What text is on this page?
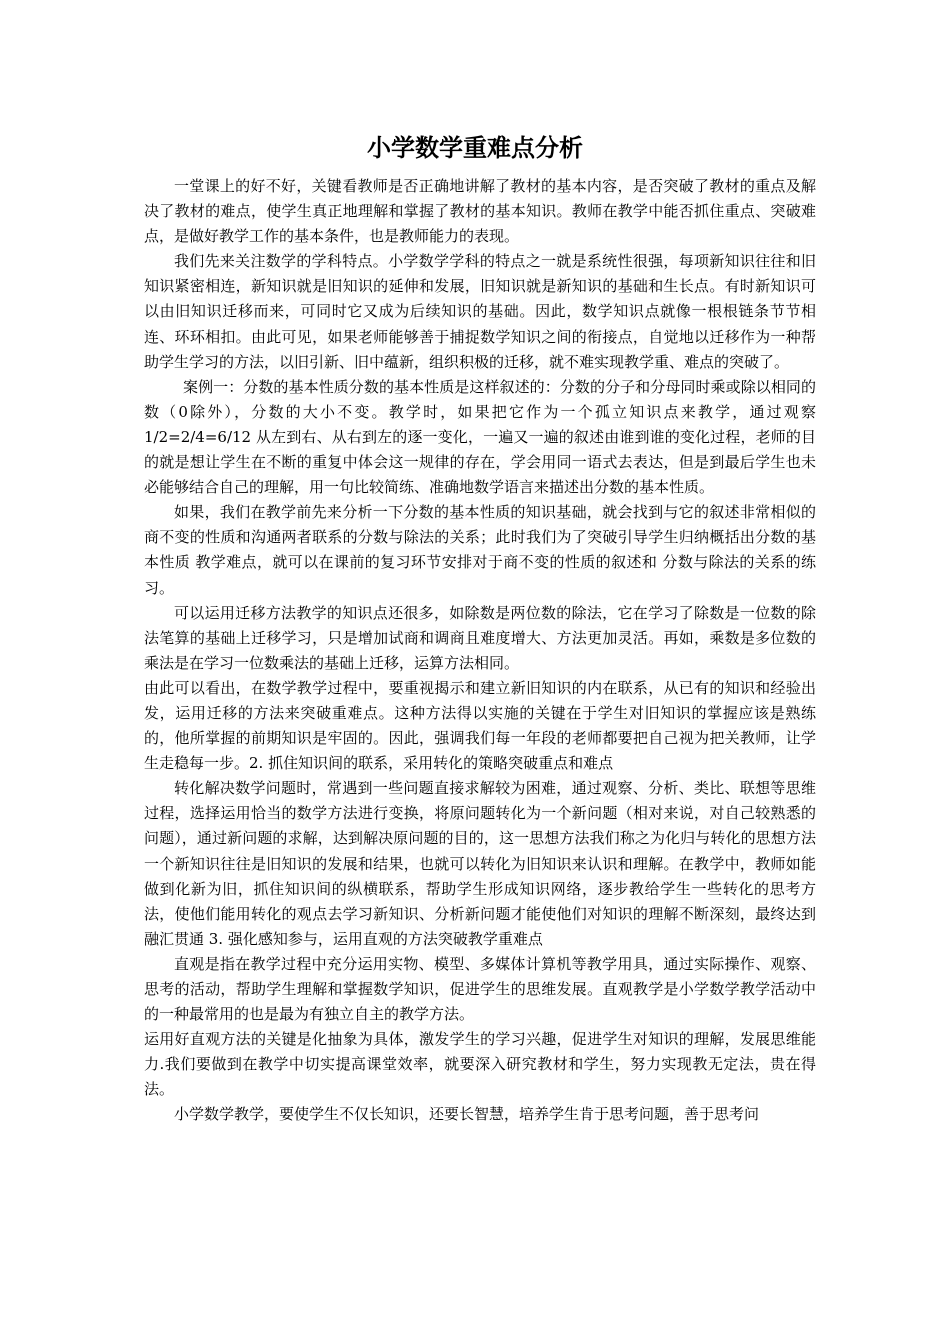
小学数学重难点分析

一堂课上的好不好，关键看教师是否正确地讲解了教材的基本内容，是否突破了教材的重点及解决了教材的难点，使学生真正地理解和掌握了教材的基本知识。教师在教学中能否抓住重点、突破难点，是做好教学工作的基本条件，也是教师能力的表现。

我们先来关注数学的学科特点。小学数学学科的特点之一就是系统性很强，每项新知识往往和旧知识紧密相连，新知识就是旧知识的延伸和发展，旧知识就是新知识的基础和生长点。有时新知识可以由旧知识迁移而来，可同时它又成为后续知识的基础。因此，数学知识点就像一根根链条节节相连、环环相扣。由此可见，如果老师能够善于捕捉数学知识之间的衔接点，自觉地以迁移作为一种帮助学生学习的方法，以旧引新、旧中蕴新，组织积极的迁移，就不难实现教学重、难点的突破了。

案例一：分数的基本性质分数的基本性质是这样叙述的：分数的分子和分母同时乘或除以相同的数（0除外），分数的大小不变。教学时，如果把它作为一个孤立知识点来教学，通过观察 1/2=2/4=6/12 从左到右、从右到左的逐一变化，一遍又一遍的叙述由谁到谁的变化过程，老师的目的就是想让学生在不断的重复中体会这一规律的存在，学会用同一语式去表达，但是到最后学生也未必能够结合自己的理解，用一句比较简练、准确地数学语言来描述出分数的基本性质。

如果，我们在教学前先来分析一下分数的基本性质的知识基础，就会找到与它的叙述非常相似的商不变的性质和沟通两者联系的分数与除法的关系；此时我们为了突破引导学生归纳概括出分数的基本性质 教学难点，就可以在课前的复习环节安排对于商不变的性质的叙述和 分数与除法的关系的练习。

可以运用迁移方法教学的知识点还很多，如除数是两位数的除法，它在学习了除数是一位数的除法笔算的基础上迁移学习，只是增加试商和调商且难度增大、方法更加灵活。再如，乘数是多位数的乘法是在学习一位数乘法的基础上迁移，运算方法相同。

由此可以看出，在数学教学过程中，要重视揭示和建立新旧知识的内在联系，从已有的知识和经验出发，运用迁移的方法来突破重难点。这种方法得以实施的关键在于学生对旧知识的掌握应该是熟练的，他所掌握的前期知识是牢固的。因此，强调我们每一年段的老师都要把自己视为把关教师，让学生走稳每一步。2. 抓住知识间的联系，采用转化的策略突破重点和难点

转化解决数学问题时，常遇到一些问题直接求解较为困难，通过观察、分析、类比、联想等思维过程，选择运用恰当的数学方法进行变换，将原问题转化为一个新问题（相对来说，对自己较熟悉的问题），通过新问题的求解，达到解决原问题的目的，这一思想方法我们称之为化归与转化的思想方法一个新知识往往是旧知识的发展和结果，也就可以转化为旧知识来认识和理解。在教学中，教师如能做到化新为旧，抓住知识间的纵横联系，帮助学生形成知识网络，逐步教给学生一些转化的思考方法，使他们能用转化的观点去学习新知识、分析新问题才能使他们对知识的理解不断深刻，最终达到融汇贯通 3. 强化感知参与，运用直观的方法突破教学重难点

直观是指在教学过程中充分运用实物、模型、多媒体计算机等教学用具，通过实际操作、观察、思考的活动，帮助学生理解和掌握数学知识，促进学生的思维发展。直观教学是小学数学教学活动中的一种最常用的也是最为有独立自主的教学方法。

运用好直观方法的关键是化抽象为具体，激发学生的学习兴趣，促进学生对知识的理解，发展思维能力.我们要做到在教学中切实提高课堂效率，就要深入研究教材和学生，努力实现教无定法，贵在得法。

小学数学教学，要使学生不仅长知识，还要长智慧，培养学生肯于思考问题，善于思考问
